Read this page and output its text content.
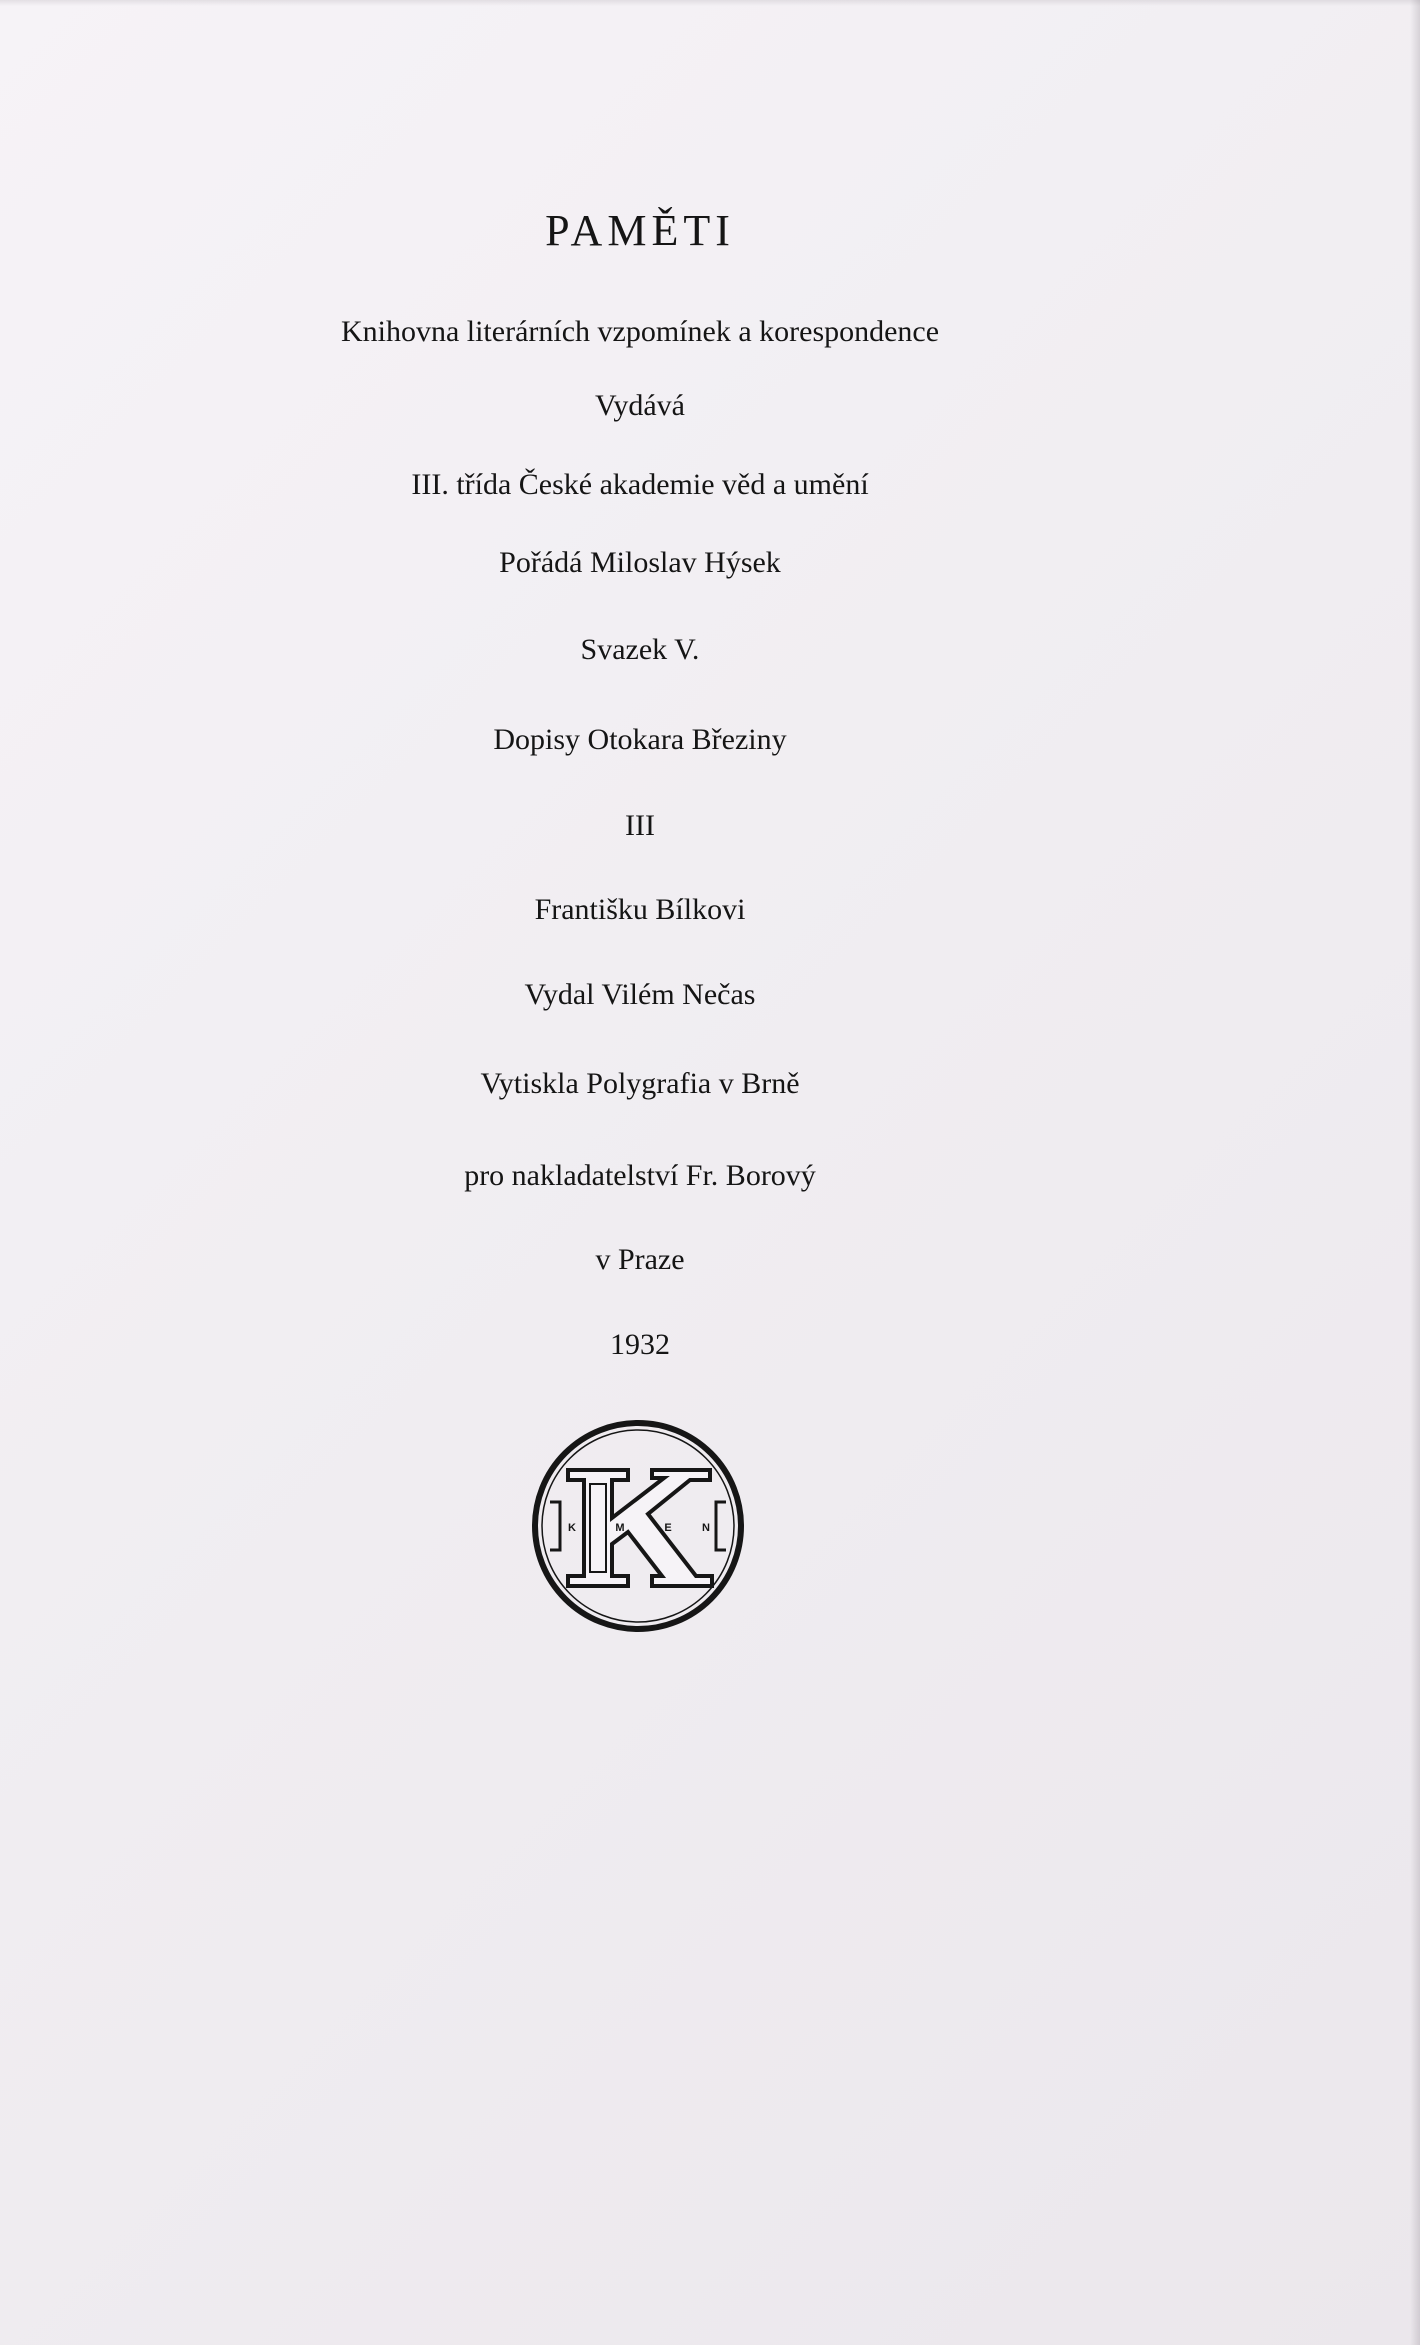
PAMĚTI
Knihovna literárních vzpomínek a korespondence
Vydává
III. třída České akademie věd a umění
Pořádá Miloslav Hýsek
Svazek V.
Dopisy Otokara Březiny
III
Františku Bílkovi
Vydal Vilém Nečas
Vytiskla Polygrafia v Brně
pro nakladatelství Fr. Borový
v Praze
1932
K	M	E	N
